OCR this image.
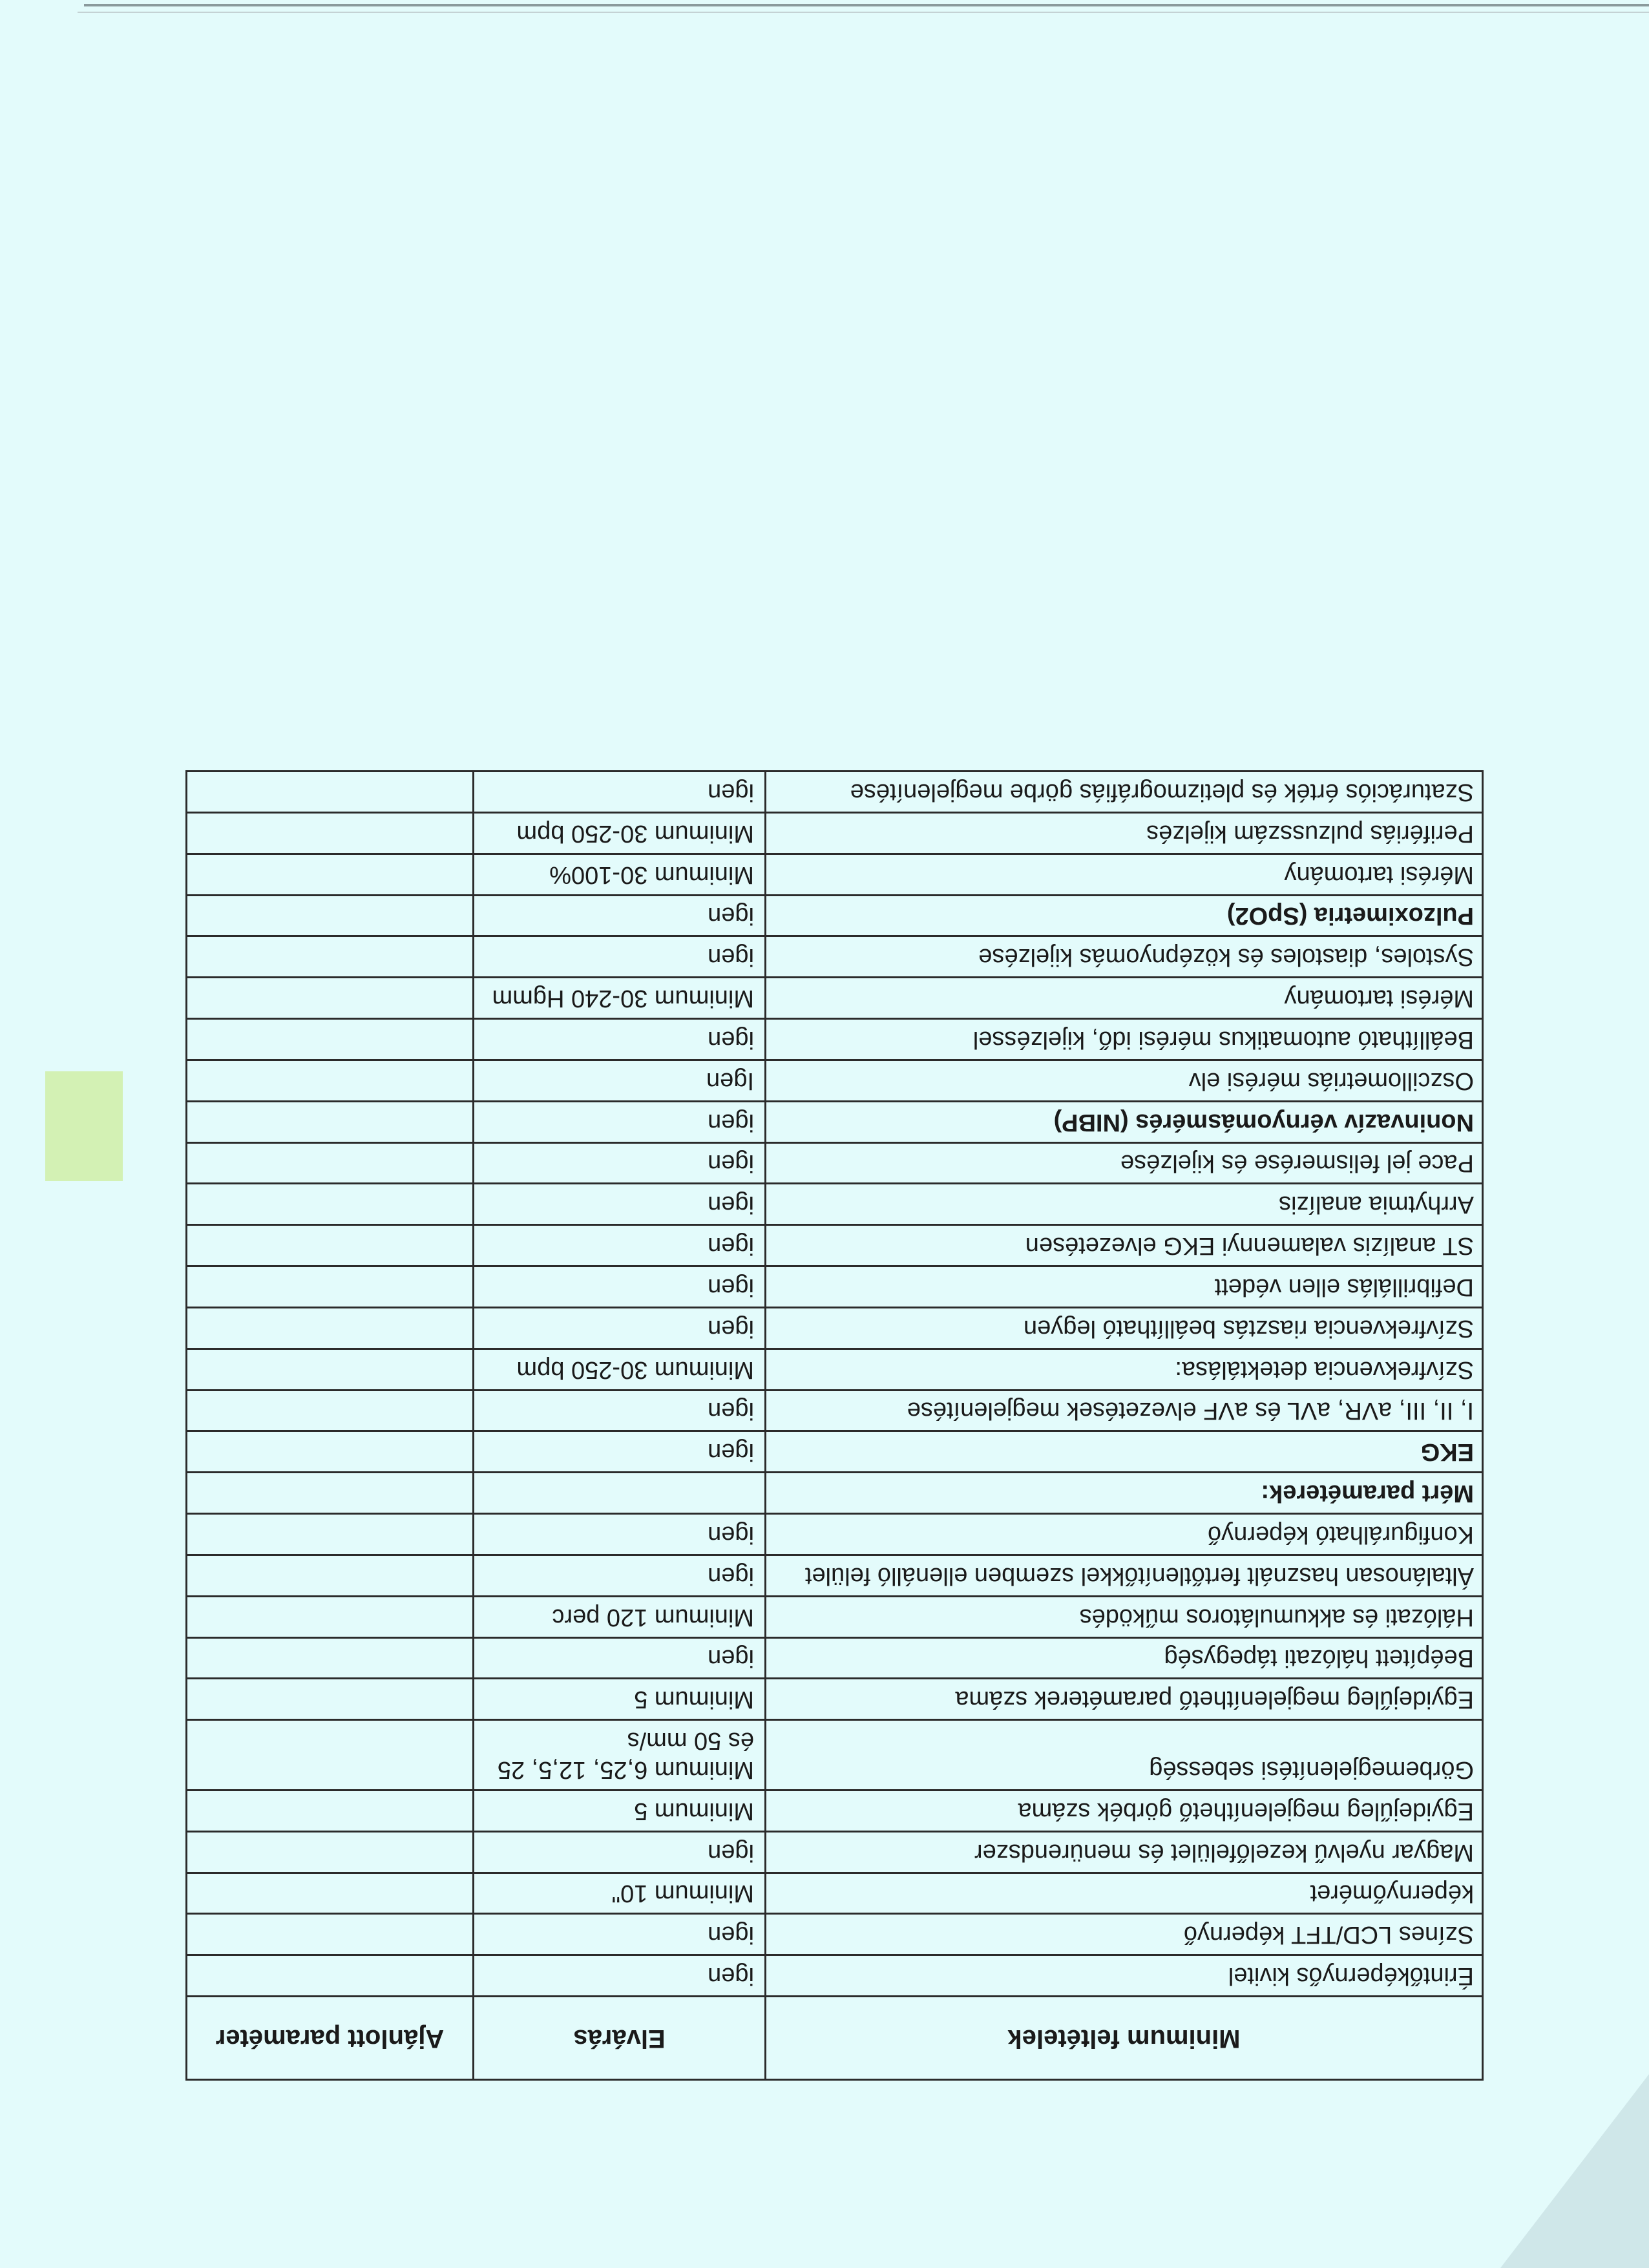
Minimum feltételek	Elvárás	Ajánlott paraméter
Érintőképernyős kivitel	igen	
Színes LCD/TFT képernyő	igen	
képernyőméret	Minimum 10"	
Magyar nyelvű kezelőfelület és menürendszer	igen	
Egyidejűleg megjeleníthető görbék száma	Minimum 5	
Görbemegjelenítési sebesség	Minimum 6,25, 12,5, 25 és 50 mm/s	
Egyidejűleg megjeleníthető paraméterek száma	Minimum 5	
Beépített hálózati tápegység	igen	
Hálózati és akkumulátoros működés	Minimum 120 perc	
Általánosan használt fertőtlenítőkkel szemben ellenálló felület	igen	
Konfigurálható képernyő	igen	
Mért paraméterek:		
EKG	igen	
I, II, III, aVR, aVL és aVF elvezetések megjelenítése	igen	
Szívfrekvencia detektálása:	Minimum 30-250 bpm	
Szívfrekvencia riasztás beállítható legyen	igen	
Defibrillálás ellen védett	igen	
ST analízis valamennyi EKG elvezetésen	igen	
Arrhytmia analízis	igen	
Pace jel felismerése és kijelzése	igen	
Noninvazív vérnyomásmérés (NIBP)	igen	
Oszcillometriás mérési elv	Igen	
Beállítható automatikus mérési idő, kijelzéssel	igen	
Mérési tartomány	Minimum 30-240 Hgmm	
Systoles, diastoles és középnyomás kijelzése	igen	
Pulzoximetria (SpO2)	igen	
Mérési tartomány	Minimum 30-100%	
Perifériás pulzusszám kijelzés	Minimum 30-250 bpm	
Szaturációs érték és pletizmográfiás görbe megjelenítése	igen	
